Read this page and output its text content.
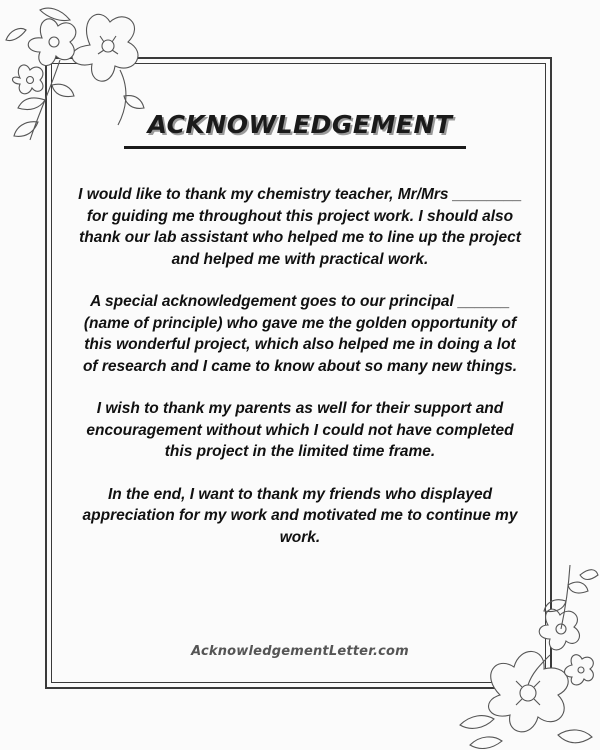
ACKNOWLEDGEMENT

I would like to thank my chemistry teacher, Mr/Mrs ________ for guiding me throughout this project work. I should also thank our lab assistant who helped me to line up the project and helped me with practical work.

A special acknowledgement goes to our principal ______ (name of principle) who gave me the golden opportunity of this wonderful project, which also helped me in doing a lot of research and I came to know about so many new things.

I wish to thank my parents as well for their support and encouragement without which I could not have completed this project in the limited time frame.

In the end, I want to thank my friends who displayed appreciation for my work and motivated me to continue my work.

AcknowledgementLetter.com
